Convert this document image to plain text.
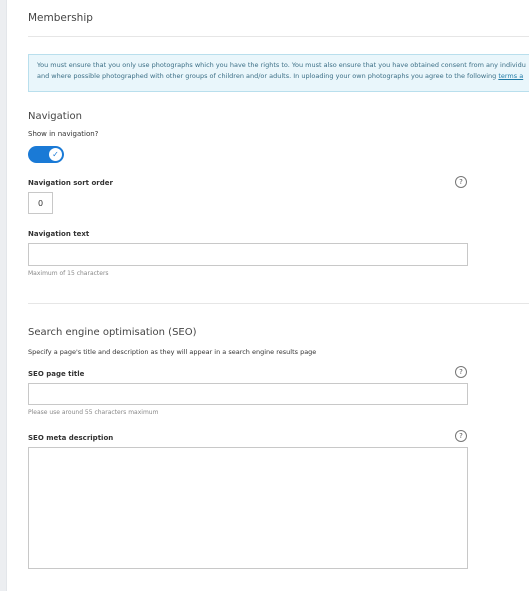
Membership
You must ensure that you only use photographs which you have the rights to. You must also ensure that you have obtained consent from any individu
and where possible photographed with other groups of children and/or adults. In uploading your own photographs you agree to the following terms a
Navigation
Show in navigation?
✓
Navigation sort order	?
0
Navigation text
Maximum of 15 characters
Search engine optimisation (SEO)
Specify a page's title and description as they will appear in a search engine results page
SEO page title	?
Please use around 55 characters maximum
SEO meta description	?
